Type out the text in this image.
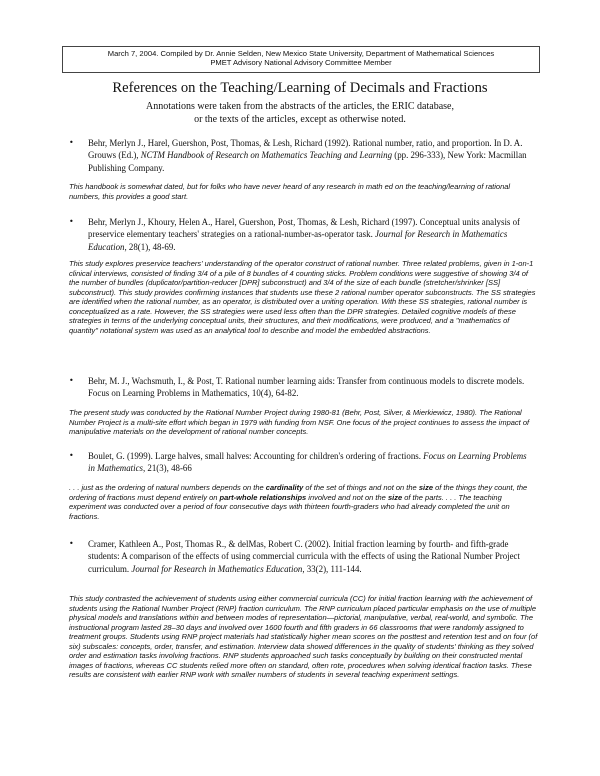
March 7, 2004. Compiled by Dr. Annie Selden, New Mexico State University, Department of Mathematical Sciences
PMET Advisory National Advisory Committee Member
References on the Teaching/Learning of Decimals and Fractions
Annotations were taken from the abstracts of the articles, the ERIC database,
or the texts of the articles, except as otherwise noted.
•	Behr, Merlyn J., Harel, Guershon, Post, Thomas, & Lesh, Richard (1992). Rational number, ratio, and proportion. In D. A. Grouws (Ed.), NCTM Handbook of Research on Mathematics Teaching and Learning (pp. 296-333), New York: Macmillan Publishing Company.
This handbook is somewhat dated, but for folks who have never heard of any research in math ed on the teaching/learning of rational numbers, this provides a good start.
•	Behr, Merlyn J., Khoury, Helen A., Harel, Guershon, Post, Thomas, & Lesh, Richard (1997). Conceptual units analysis of preservice elementary teachers' strategies on a rational-number-as-operator task. Journal for Research in Mathematics Education, 28(1), 48-69.
This study explores preservice teachers' understanding of the operator construct of rational number. Three related problems, given in 1-on-1 clinical interviews, consisted of finding 3/4 of a pile of 8 bundles of 4 counting sticks. Problem conditions were suggestive of showing 3/4 of the number of bundles (duplicator/partition-reducer [DPR] subconstruct) and 3/4 of the size of each bundle (stretcher/shrinker [SS] subconstruct). This study provides confirming instances that students use these 2 rational number operator subconstructs. The SS strategies are identified when the rational number, as an operator, is distributed over a uniting operation. With these SS strategies, rational number is conceptualized as a rate. However, the SS strategies were used less often than the DPR strategies. Detailed cognitive models of these strategies in terms of the underlying conceptual units, their structures, and their modifications, were produced, and a "mathematics of quantity" notational system was used as an analytical tool to describe and model the embedded abstractions.
•	Behr, M. J., Wachsmuth, I., & Post, T. Rational number learning aids: Transfer from continuous models to discrete models. Focus on Learning Problems in Mathematics, 10(4), 64-82.
The present study was conducted by the Rational Number Project during 1980-81 (Behr, Post, Silver, & Mierkiewicz, 1980). The Rational Number Project is a multi-site effort which began in 1979 with funding from NSF. One focus of the project continues to assess the impact of manipulative materials on the development of rational number concepts.
•	Boulet, G. (1999). Large halves, small halves: Accounting for children's ordering of fractions. Focus on Learning Problems in Mathematics, 21(3), 48-66
. . . just as the ordering of natural numbers depends on the cardinality of the set of things and not on the size of the things they count, the ordering of fractions must depend entirely on part-whole relationships involved and not on the size of the parts. . . . The teaching experiment was conducted over a period of four consecutive days with thirteen fourth-graders who had already completed the unit on fractions.
•	Cramer, Kathleen A., Post, Thomas R., & delMas, Robert C. (2002). Initial fraction learning by fourth- and fifth-grade students: A comparison of the effects of using commercial curricula with the effects of using the Rational Number Project curriculum. Journal for Research in Mathematics Education, 33(2), 111-144.
This study contrasted the achievement of students using either commercial curricula (CC) for initial fraction learning with the achievement of students using the Rational Number Project (RNP) fraction curriculum. The RNP curriculum placed particular emphasis on the use of multiple physical models and translations within and between modes of representation—pictorial, manipulative, verbal, real-world, and symbolic. The instructional program lasted 28–30 days and involved over 1600 fourth and fifth graders in 66 classrooms that were randomly assigned to treatment groups. Students using RNP project materials had statistically higher mean scores on the posttest and retention test and on four (of six) subscales: concepts, order, transfer, and estimation. Interview data showed differences in the quality of students' thinking as they solved order and estimation tasks involving fractions. RNP students approached such tasks conceptually by building on their constructed mental images of fractions, whereas CC students relied more often on standard, often rote, procedures when solving identical fraction tasks. These results are consistent with earlier RNP work with smaller numbers of students in several teaching experiment settings.
